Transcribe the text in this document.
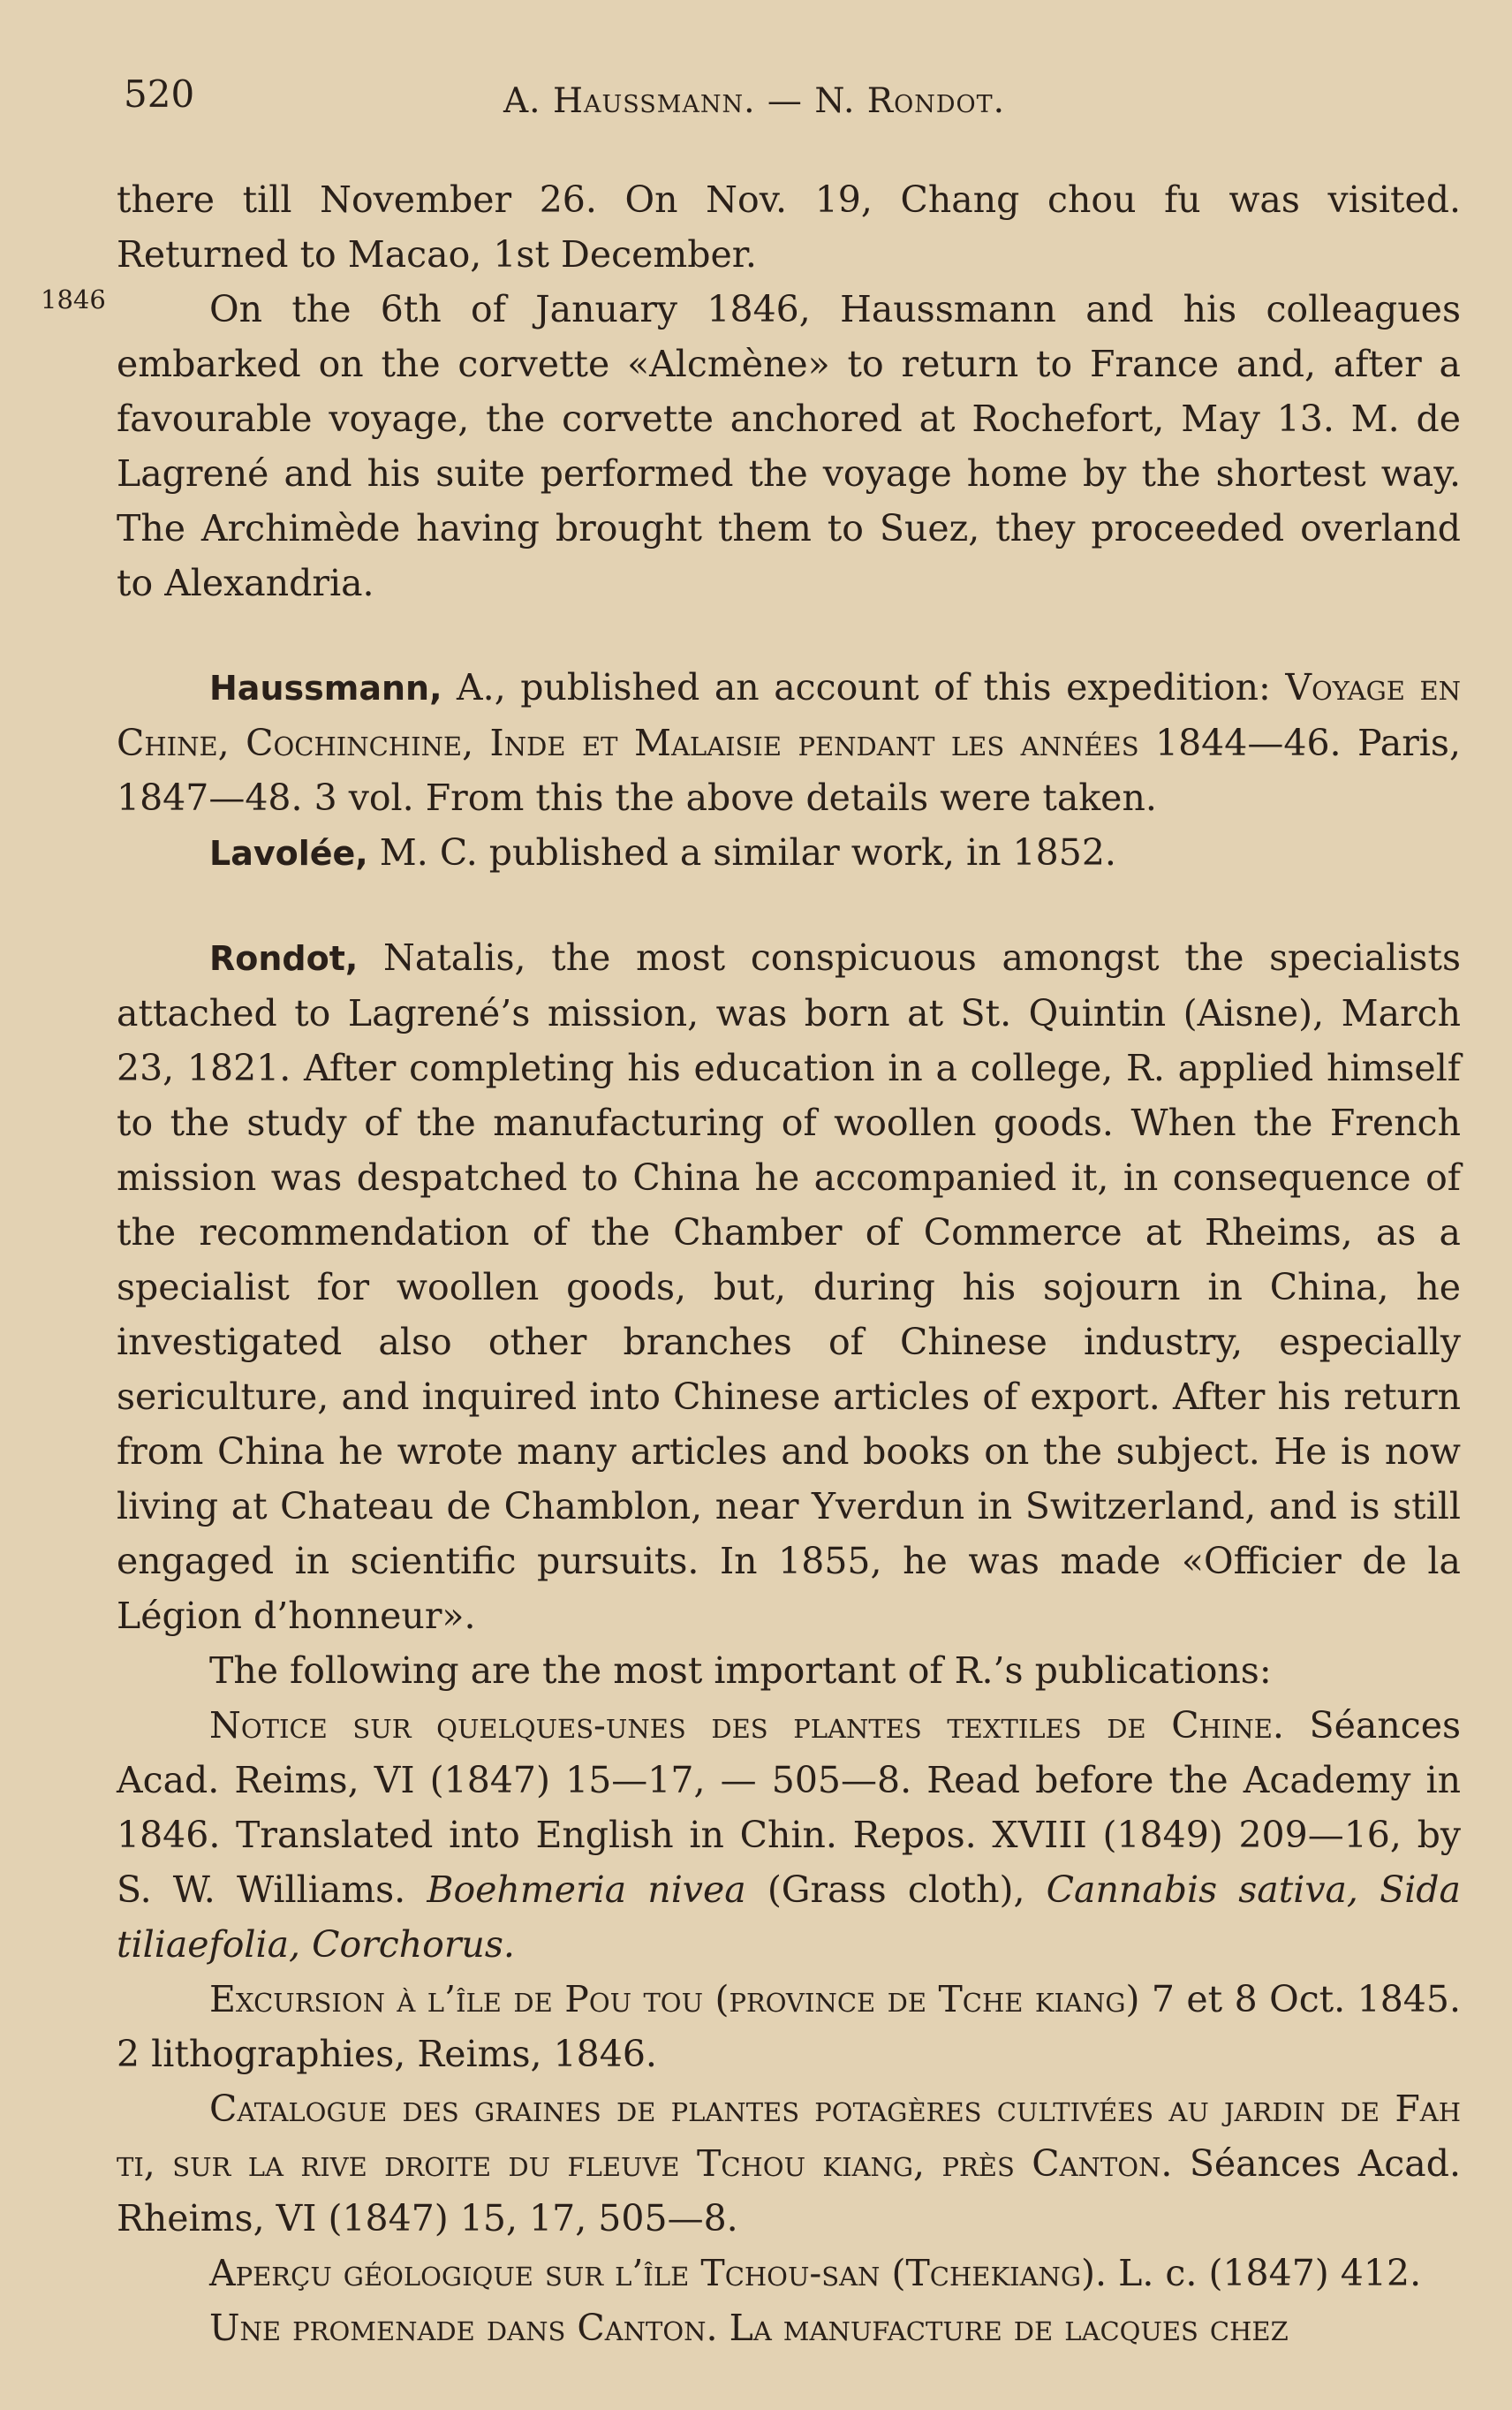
520	A. Haussmann. — N. Rondot.
1846

there till November 26. On Nov. 19, Chang chou fu was visited. Returned to Macao, 1st December.

On the 6th of January 1846, Haussmann and his colleagues embarked on the corvette «Alcmène» to return to France and, after a favourable voyage, the corvette anchored at Rochefort, May 13. M. de Lagrené and his suite performed the voyage home by the shortest way. The Archimède having brought them to Suez, they proceeded overland to Alexandria.

Haussmann, A., published an account of this expedition: Voyage en Chine, Cochinchine, Inde et Malaisie pendant les années 1844—46. Paris, 1847—48. 3 vol. From this the above details were taken.

Lavolée, M. C. published a similar work, in 1852.

Rondot, Natalis, the most conspicuous amongst the specialists attached to Lagrené’s mission, was born at St. Quintin (Aisne), March 23, 1821. After completing his education in a college, R. applied himself to the study of the manufacturing of woollen goods. When the French mission was despatched to China he accompanied it, in consequence of the recommendation of the Chamber of Commerce at Rheims, as a specialist for woollen goods, but, during his sojourn in China, he investigated also other branches of Chinese industry, especially sericulture, and inquired into Chinese articles of export. After his return from China he wrote many articles and books on the subject. He is now living at Chateau de Chamblon, near Yverdun in Switzerland, and is still engaged in scientific pursuits. In 1855, he was made «Officier de la Légion d’honneur».

The following are the most important of R.’s publications:

Notice sur quelques-unes des plantes textiles de Chine. Séances Acad. Reims, VI (1847) 15—17, — 505—8. Read before the Academy in 1846. Translated into English in Chin. Repos. XVIII (1849) 209—16, by S. W. Williams. Boehmeria nivea (Grass cloth), Cannabis sativa, Sida tiliaefolia, Corchorus.

Excursion à l’île de Pou tou (province de Tche kiang) 7 et 8 Oct. 1845. 2 lithographies, Reims, 1846.

Catalogue des graines de plantes potagères cultivées au jardin de Fah ti, sur la rive droite du fleuve Tchou kiang, près Canton. Séances Acad. Rheims, VI (1847) 15, 17, 505—8.

Aperçu géologique sur l’île Tchou-san (Tchekiang). L. c. (1847) 412.

Une promenade dans Canton. La manufacture de lacques chez
